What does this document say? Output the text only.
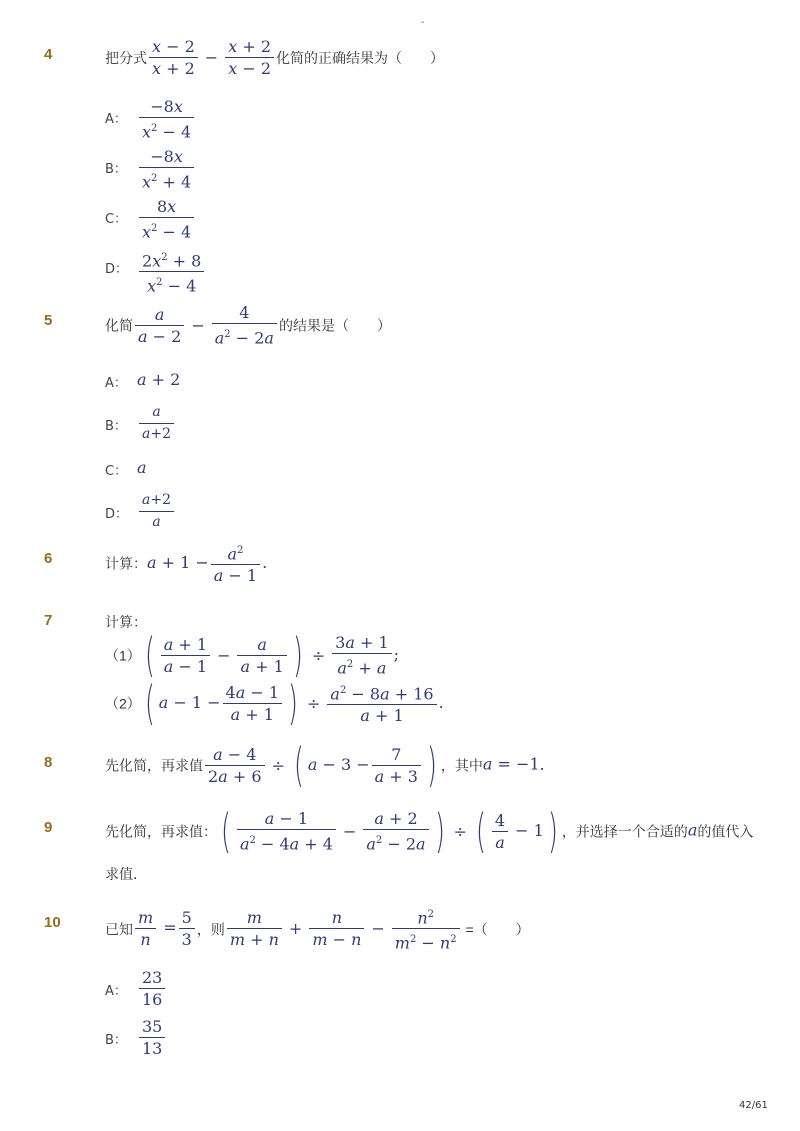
-
4	把分式 $\frac{x - 2}{x + 2} - \frac{x + 2}{x - 2}$ 化简的正确结果为（　　）
A： $\frac{-8x}{x^2 - 4}$
B： $\frac{-8x}{x^2 + 4}$
C： $\frac{8x}{x^2 - 4}$
D： $\frac{2x^2 + 8}{x^2 - 4}$
5	化简 $\frac{a}{a - 2} - \frac{4}{a^2 - 2a}$ 的结果是（　　）
A： a + 2
B： $\frac{a}{a+2}$
C： a
D： $\frac{a+2}{a}$
6	计算：$a + 1 - \frac{a^2}{a - 1}$ .
7	计算：
$(1)( \frac{a + 1}{a - 1} - \frac{a}{a + 1}$ ) ÷ $\frac{3a + 1}{a^2 + a}$ ;
（2）( $a - 1 - \frac{4a - 1}{a + 1}$ ) ÷ $\frac{a^2 - 8a + 16}{a + 1}$ .
8	先化简，再求值 $\frac{a - 4}{2a + 6}$ ÷ ( $a - 3 - \frac{7}{a + 3}$ ) ，其中a = −1．
9	先化简，再求值：( $\frac{a - 1}{a^2 - 4a + 4} - \frac{a + 2}{a^2 - 2a}$ ) ÷ ( $\frac{4}{a} - 1$) ，并选择一个合适的a的值代入
求值．
10	已知 $\frac{m}{n} = \frac{5}{3}$ ，则 $\frac{m}{m + n} + \frac{n}{m - n} - \frac{n^2}{m^2 - n^2}$ =（　　）
A： $\frac{23}{16}$
B： $\frac{35}{13}$
42/61
